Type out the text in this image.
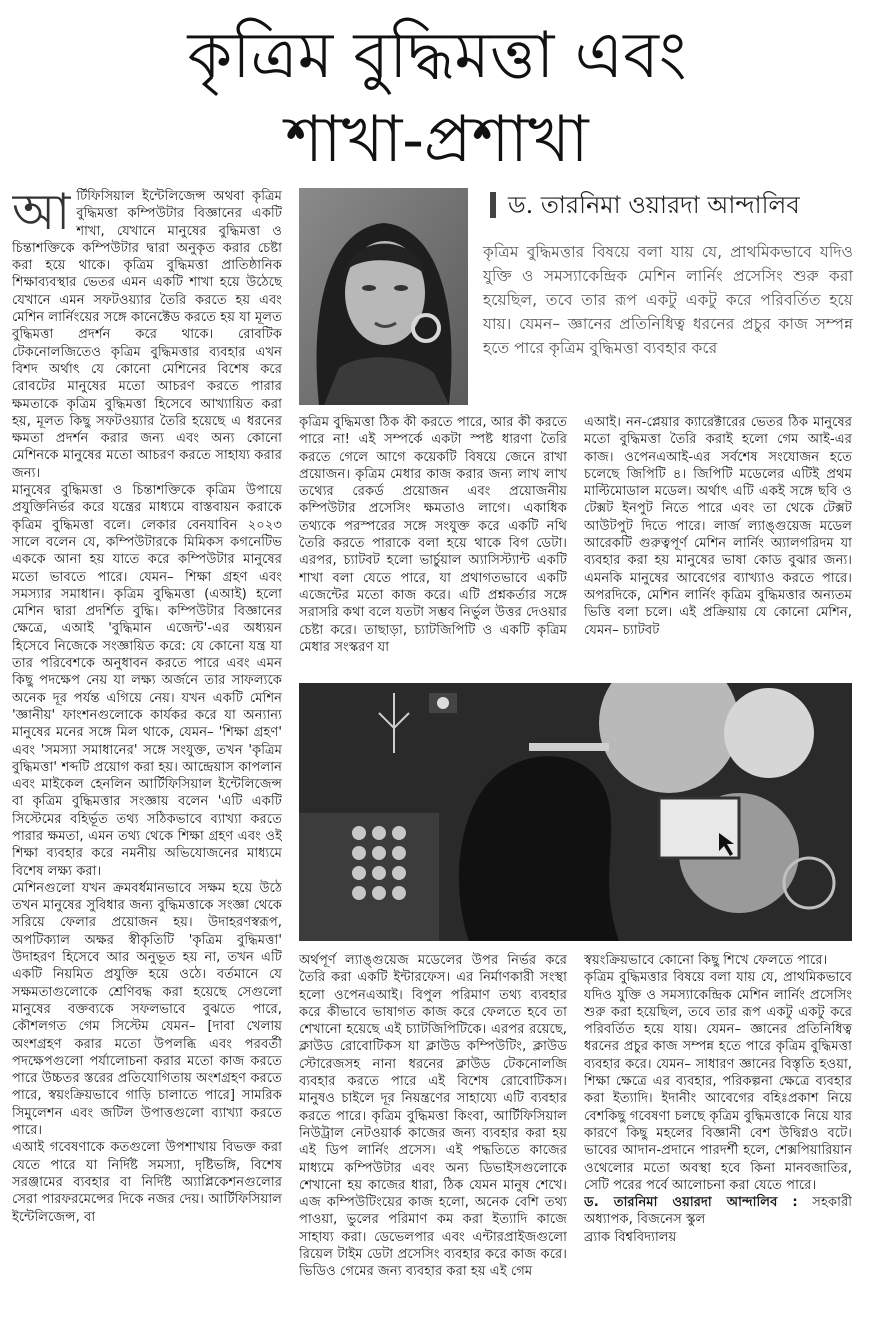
কৃত্রিম বুদ্ধিমত্তা এবং
শাখা-প্রশাখা

আর্টিফিসিয়াল ইন্টেলিজেন্স অথবা কৃত্রিম বুদ্ধিমত্তা কম্পিউটার বিজ্ঞানের একটি শাখা, যেখানে মানুষের বুদ্ধিমত্তা ও চিন্তাশক্তিকে কম্পিউটার দ্বারা অনুকৃত করার চেষ্টা করা হয়ে থাকে। কৃত্রিম বুদ্ধিমত্তা প্রাতিষ্ঠানিক শিক্ষাব্যবস্থার ভেতর এমন একটি শাখা হয়ে উঠেছে যেখানে এমন সফটওয়্যার তৈরি করতে হয় এবং মেশিন লার্নিংয়ের সঙ্গে কানেক্টেড করতে হয় যা মূলত বুদ্ধিমত্তা প্রদর্শন করে থাকে। রোবটিক টেকনোলজিতেও কৃত্রিম বুদ্ধিমত্তার ব্যবহার এখন বিশদ অর্থাৎ যে কোনো মেশিনের বিশেষ করে রোবটের মানুষের মতো আচরণ করতে পারার ক্ষমতাকে কৃত্রিম বুদ্ধিমত্তা হিসেবে আখ্যায়িত করা হয়, মূলত কিছু সফটওয়্যার তৈরি হয়েছে এ ধরনের ক্ষমতা প্রদর্শন করার জন্য এবং অন্য কোনো মেশিনকে মানুষের মতো আচরণ করতে সাহায্য করার জন্য।

মানুষের বুদ্ধিমত্তা ও চিন্তাশক্তিকে কৃত্রিম উপায়ে প্রযুক্তিনির্ভর করে যন্ত্রের মাধ্যমে বাস্তবায়ন করাকে কৃত্রিম বুদ্ধিমত্তা বলে। লেকার বেনযাবিন ২০২৩ সালে বলেন যে, কম্পিউটারকে মিমিকস কগনেটিভ এককে আনা হয় যাতে করে কম্পিউটার মানুষের মতো ভাবতে পারে। যেমন– শিক্ষা গ্রহণ এবং সমস্যার সমাধান। কৃত্রিম বুদ্ধিমত্তা (এআই) হলো মেশিন দ্বারা প্রদর্শিত বুদ্ধি। কম্পিউটার বিজ্ঞানের ক্ষেত্রে, এআই 'বুদ্ধিমান এজেন্ট'-এর অধ্যয়ন হিসেবে নিজেকে সংজ্ঞায়িত করে: যে কোনো যন্ত্র যা তার পরিবেশকে অনুধাবন করতে পারে এবং এমন কিছু পদক্ষেপ নেয় যা লক্ষ্য অর্জনে তার সাফল্যকে অনেক দূর পর্যন্ত এগিয়ে নেয়। যখন একটি মেশিন 'জ্ঞানীয়' ফাংশনগুলোকে কার্যকর করে যা অন্যান্য মানুষের মনের সঙ্গে মিল থাকে, যেমন– 'শিক্ষা গ্রহণ' এবং 'সমস্যা সমাধানের' সঙ্গে সংযুক্ত, তখন 'কৃত্রিম বুদ্ধিমত্তা' শব্দটি প্রয়োগ করা হয়। আন্দ্রেয়াস কাপলান এবং মাইকেল হেনলিন আর্টিফিসিয়াল ইন্টেলিজেন্স বা কৃত্রিম বুদ্ধিমত্তার সংজ্ঞায় বলেন 'এটি একটি সিস্টেমের বহির্ভূত তথ্য সঠিকভাবে ব্যাখ্যা করতে পারার ক্ষমতা, এমন তথ্য থেকে শিক্ষা গ্রহণ এবং ওই শিক্ষা ব্যবহার করে নমনীয় অভিযোজনের মাধ্যমে বিশেষ লক্ষ্য করা।

মেশিনগুলো যখন ক্রমবর্ধমানভাবে সক্ষম হয়ে উঠে তখন মানুষের সুবিধার জন্য বুদ্ধিমত্তাকে সংজ্ঞা থেকে সরিয়ে ফেলার প্রয়োজন হয়। উদাহরণস্বরূপ, অপটিক্যাল অক্ষর স্বীকৃতিটি 'কৃত্রিম বুদ্ধিমত্তা' উদাহরণ হিসেবে আর অনুভূত হয় না, তখন এটি একটি নিয়মিত প্রযুক্তি হয়ে ওঠে। বর্তমানে যে সক্ষমতাগুলোকে শ্রেণিবদ্ধ করা হয়েছে সেগুলো মানুষের বক্তব্যকে সফলভাবে বুঝতে পারে, কৌশলগত গেম সিস্টেম যেমন– [দাবা খেলায় অংশগ্রহণ করার মতো উপলব্ধি এবং পরবর্তী পদক্ষেপগুলো পর্যালোচনা করার মতো কাজ করতে পারে উচ্চতর স্তরের প্রতিযোগিতায় অংশগ্রহণ করতে পারে, স্বয়ংক্রিয়ভাবে গাড়ি চালাতে পারে] সামরিক সিমুলেশন এবং জটিল উপাত্তগুলো ব্যাখ্যা করতে পারে।

এআই গবেষণাকে কতগুলো উপশাখায় বিভক্ত করা যেতে পারে যা নির্দিষ্ট সমস্যা, দৃষ্টিভঙ্গি, বিশেষ সরঞ্জামের ব্যবহার বা নির্দিষ্ট অ্যাপ্লিকেশনগুলোর সেরা পারফরমেন্সের দিকে নজর দেয়। আর্টিফিসিয়াল ইন্টেলিজেন্স, বা

ড. তারনিমা ওয়ারদা আন্দালিব
কৃত্রিম বুদ্ধিমত্তার বিষয়ে বলা যায় যে, প্রাথমিকভাবে যদিও যুক্তি ও সমস্যাকেন্দ্রিক মেশিন লার্নিং প্রসেসিং শুরু করা হয়েছিল, তবে তার রূপ একটু একটু করে পরিবর্তিত হয়ে যায়। যেমন– জ্ঞানের প্রতিনিধিত্ব ধরনের প্রচুর কাজ সম্পন্ন হতে পারে কৃত্রিম বুদ্ধিমত্তা ব্যবহার করে

কৃত্রিম বুদ্ধিমত্তা ঠিক কী করতে পারে, আর কী করতে পারে না! এই সম্পর্কে একটা স্পষ্ট ধারণা তৈরি করতে গেলে আগে কয়েকটি বিষয়ে জেনে রাখা প্রয়োজন। কৃত্রিম মেধার কাজ করার জন্য লাখ লাখ তথ্যের রেকর্ড প্রয়োজন এবং প্রয়োজনীয় কম্পিউটার প্রসেসিং ক্ষমতাও লাগে। একাধিক তথ্যকে পরস্পরের সঙ্গে সংযুক্ত করে একটি নথি তৈরি করতে পারাকে বলা হয়ে থাকে বিগ ডেটা। এরপর, চ্যাটবট হলো ভার্চুয়াল অ্যাসিস্ট্যান্ট একটি শাখা বলা যেতে পারে, যা প্রথাগতভাবে একটি এজেন্টের মতো কাজ করে। এটি প্রশ্নকর্তার সঙ্গে সরাসরি কথা বলে যতটা সম্ভব নির্ভুল উত্তর দেওয়ার চেষ্টা করে। তাছাড়া, চ্যাটজিপিটি ও একটি কৃত্রিম মেধার সংস্করণ যা

এআই। নন-প্লেয়ার ক্যারেক্টারের ভেতর ঠিক মানুষের মতো বুদ্ধিমত্তা তৈরি করাই হলো গেম আই-এর কাজ। ওপেনএআই-এর সর্বশেষ সংযোজন হতে চলেছে জিপিটি ৪। জিপিটি মডেলের এটিই প্রথম মাল্টিমোডাল মডেল। অর্থাৎ এটি একই সঙ্গে ছবি ও টেক্সট ইনপুট নিতে পারে এবং তা থেকে টেক্সট আউটপুট দিতে পারে। লার্জ ল্যাঙ্গুয়েজ মডেল আরেকটি গুরুত্বপূর্ণ মেশিন লার্নিং অ্যালগরিদম যা ব্যবহার করা হয় মানুষের ভাষা কোড বুঝার জন্য। এমনকি মানুষের আবেগের ব্যাখ্যাও করতে পারে। অপরদিকে, মেশিন লার্নিং কৃত্রিম বুদ্ধিমত্তার অন্যতম ভিত্তি বলা চলে। এই প্রক্রিয়ায় যে কোনো মেশিন, যেমন– চ্যাটবট

অর্থপূর্ণ ল্যাঙ্গুয়েজ মডেলের উপর নির্ভর করে তৈরি করা একটি ইন্টারফেস। এর নির্মাণকারী সংস্থা হলো ওপেনএআই। বিপুল পরিমাণ তথ্য ব্যবহার করে কীভাবে ভাষাগত কাজ করে ফেলতে হবে তা শেখানো হয়েছে এই চ্যাটজিপিটিকে। এরপর রয়েছে, ক্লাউড রোবোটিকস যা ক্লাউড কম্পিউটিং, ক্লাউড স্টোরেজসহ নানা ধরনের ক্লাউড টেকনোলজি ব্যবহার করতে পারে এই বিশেষ রোবোটিকস। মানুষও চাইলে দূর নিয়ন্ত্রণের সাহায্যে এটি ব্যবহার করতে পারে। কৃত্রিম বুদ্ধিমত্তা কিংবা, আর্টিফিসিয়াল নিউট্রাল নেটওয়ার্ক কাজের জন্য ব্যবহার করা হয় এই ডিপ লার্নিং প্রসেস। এই পদ্ধতিতে কাজের মাধ্যমে কম্পিউটার এবং অন্য ডিভাইসগুলোকে শেখানো হয় কাজের ধারা, ঠিক যেমন মানুষ শেখে। এজ কম্পিউটিংয়ের কাজ হলো, অনেক বেশি তথ্য পাওয়া, ভুলের পরিমাণ কম করা ইত্যাদি কাজে সাহায্য করা। ডেভেলপার এবং এন্টারপ্রাইজগুলো রিয়েল টাইম ডেটা প্রসেসিং ব্যবহার করে কাজ করে। ভিডিও গেমের জন্য ব্যবহার করা হয় এই গেম

স্বয়ংক্রিয়ভাবে কোনো কিছু শিখে ফেলতে পারে।

কৃত্রিম বুদ্ধিমত্তার বিষয়ে বলা যায় যে, প্রাথমিকভাবে যদিও যুক্তি ও সমস্যাকেন্দ্রিক মেশিন লার্নিং প্রসেসিং শুরু করা হয়েছিল, তবে তার রূপ একটু একটু করে পরিবর্তিত হয়ে যায়। যেমন– জ্ঞানের প্রতিনিধিত্ব ধরনের প্রচুর কাজ সম্পন্ন হতে পারে কৃত্রিম বুদ্ধিমত্তা ব্যবহার করে। যেমন– সাধারণ জ্ঞানের বিস্তৃতি হওয়া, শিক্ষা ক্ষেত্রে এর ব্যবহার, পরিকল্পনা ক্ষেত্রে ব্যবহার করা ইত্যাদি। ইদানীং আবেগের বহিঃপ্রকাশ নিয়ে বেশকিছু গবেষণা চলছে কৃত্রিম বুদ্ধিমত্তাকে নিয়ে যার কারণে কিছু মহলের বিজ্ঞানী বেশ উদ্বিগ্নও বটে। ভাবের আদান-প্রদানে পারদর্শী হলে, শেক্সপিয়ারিয়ান ওথেলোর মতো অবস্থা হবে কিনা মানবজাতির, সেটি পরের পর্বে আলোচনা করা যেতে পারে।

ড. তারনিমা ওয়ারদা আন্দালিব : সহকারী অধ্যাপক, বিজনেস স্কুল
ব্র্যাক বিশ্ববিদ্যালয়
